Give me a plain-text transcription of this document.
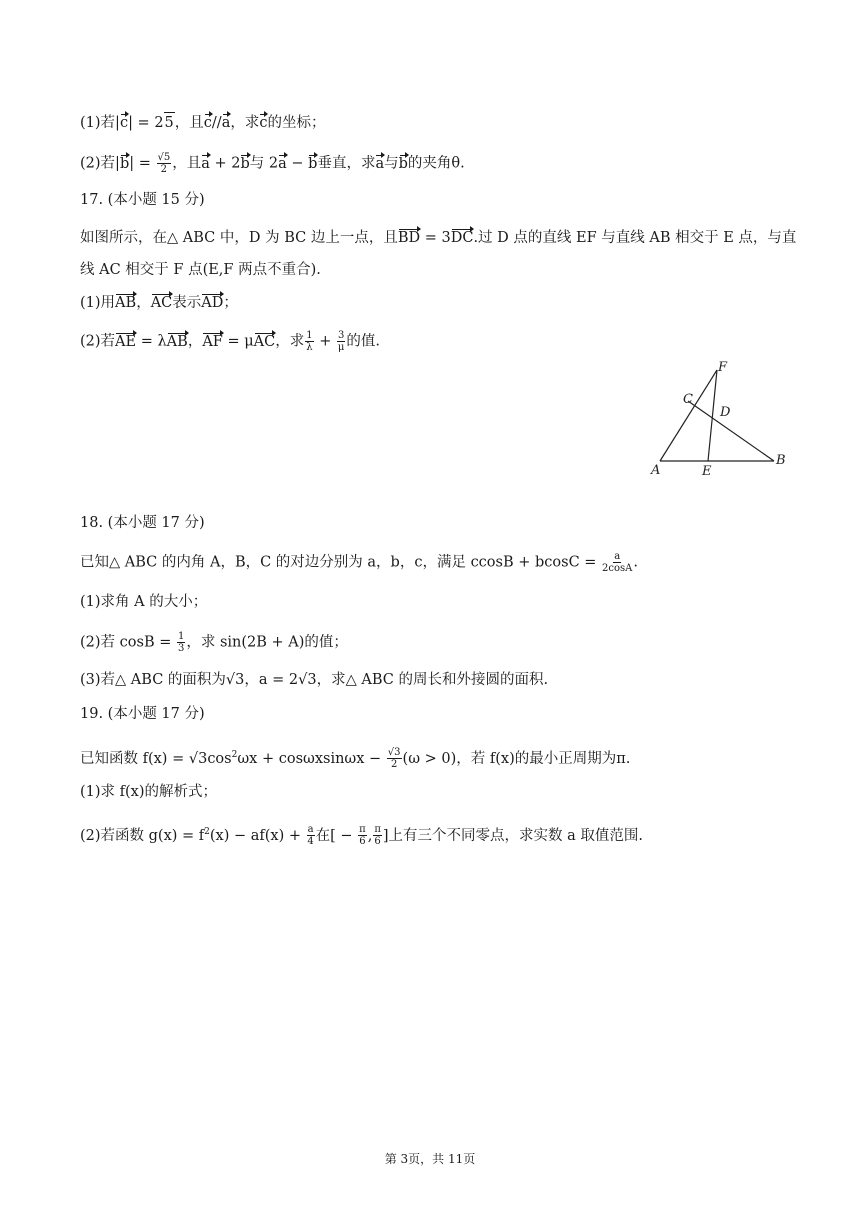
(1)若|c| = 25，且c//a，求c的坐标；
(2)若$|b| = \frac{√5}{2}$ ，且a + 2b与 2a − b垂直，求a与b的夹角θ.
17. (本小题 15 分)
如图所示，在△ ABC 中，D 为 BC 边上一点，且BD = 3DC.过 D 点的直线 EF 与直线 AB 相交于 E 点，与直
线 AC 相交于 F 点(E,F 两点不重合).
(1)用AB，AC表示AD；
(2)若AE = λAB，AF = μAC，求 $\frac{1}{\lambda} + \frac{3}{\mu}$ 的值.
F
C
D
A	E
B
18. (本小题 17 分)
已知△ ABC 的内角 A，B，C 的对边分别为 a，b，c，满足 $ccosB + bcosC = \frac{a}{2\cos A}$ .
(1)求角 A 的大小；
(2)若 $\cos B = \frac{1}{3}$ ，求 sin(2B + A)的值；
(3)若△ ABC 的面积为√3，a = 2√3，求△ ABC 的周长和外接圆的面积.
19. (本小题 17 分)
已知函数 $f(x) = √3\cos^2\omega x + \cos\omega xsin\omega x - \frac{√3}{2} (\omega > 0)$，若 f(x)的最小正周期为π.
(1)求 f(x)的解析式；
(2)若函数 $g(x) = f^2(x) - af(x) + \frac{a}{4}$ 在[ − $\frac{\pi}{6}$ , $\frac{\pi}{6}$ ]上有三个不同零点，求实数 a 取值范围.
第 3页，共 11页
